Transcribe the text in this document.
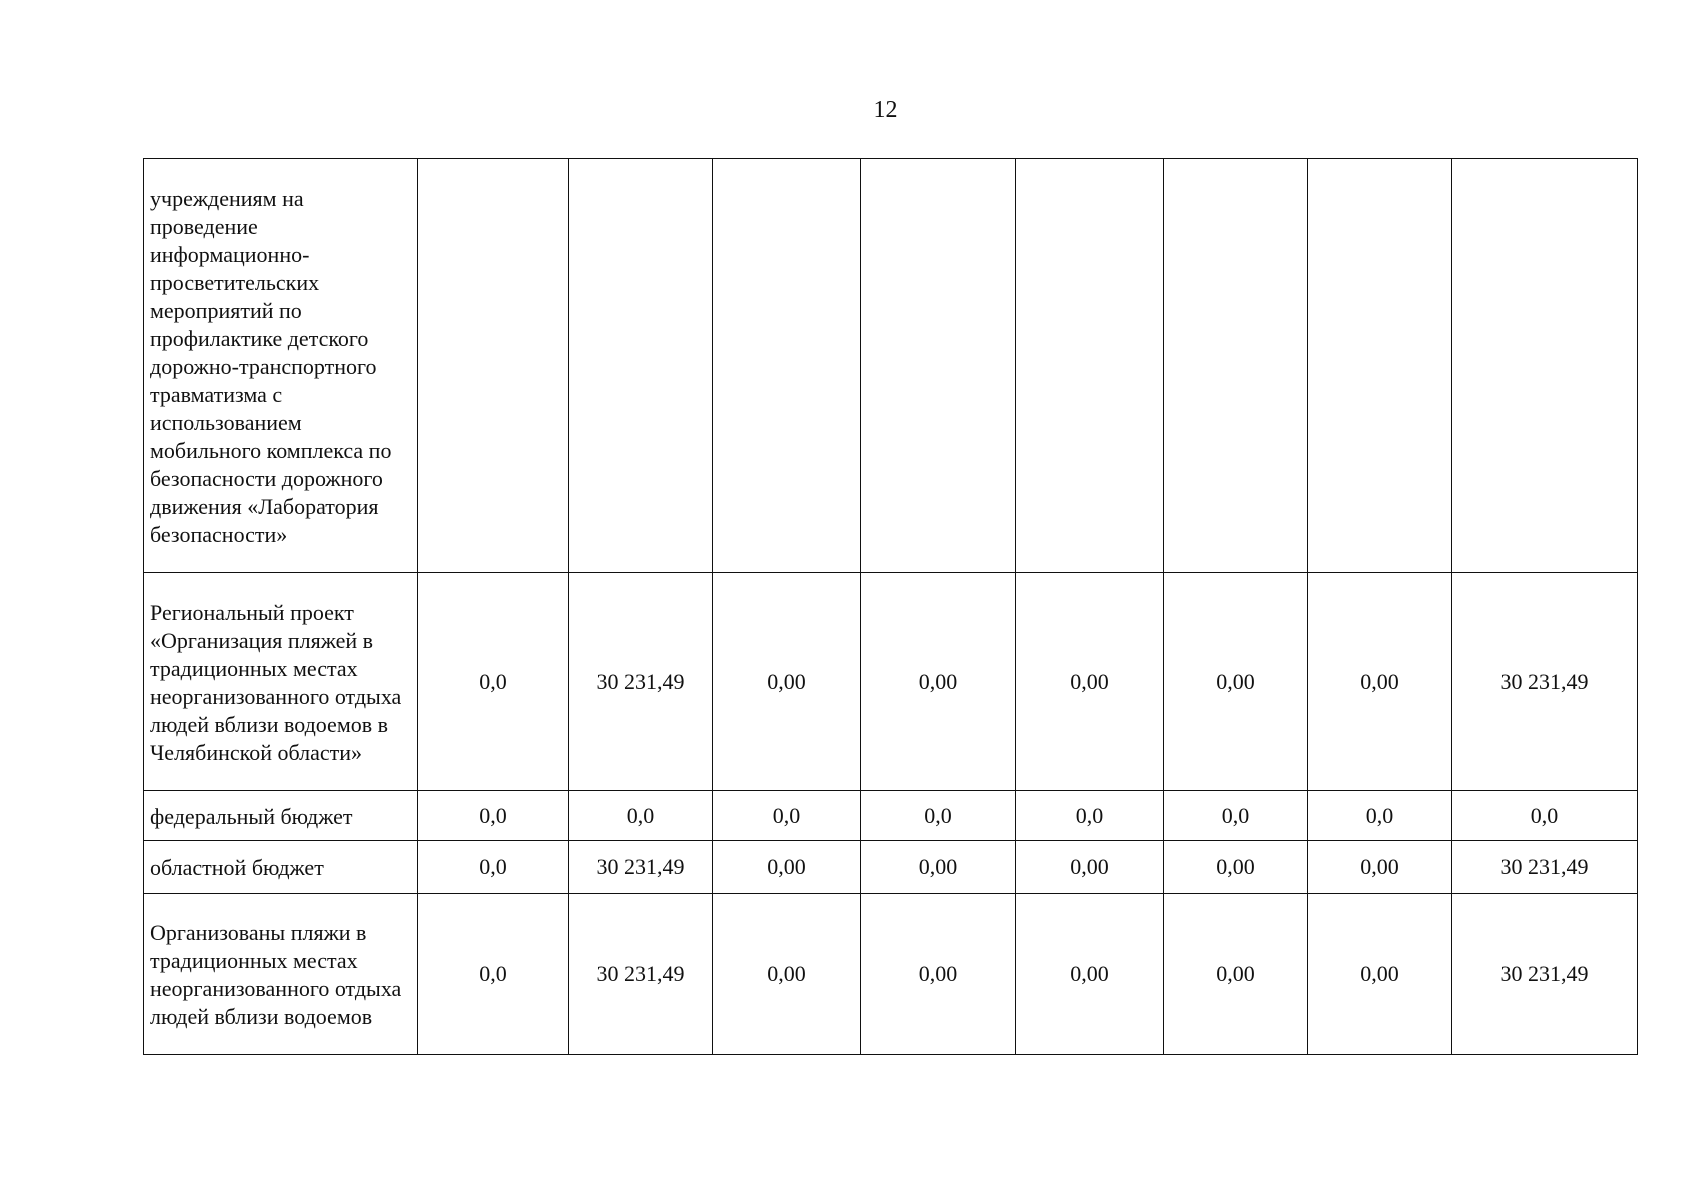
12
учреждениям на проведение информационно-просветительских мероприятий по профилактике детского дорожно-транспортного травматизма с использованием мобильного комплекса по безопасности дорожного движения «Лаборатория безопасности»								
Региональный проект «Организация пляжей в традиционных местах неорганизованного отдыха людей вблизи водоемов в Челябинской области»	0,0	30 231,49	0,00	0,00	0,00	0,00	0,00	30 231,49
федеральный бюджет	0,0	0,0	0,0	0,0	0,0	0,0	0,0	0,0
областной бюджет	0,0	30 231,49	0,00	0,00	0,00	0,00	0,00	30 231,49
Организованы пляжи в традиционных местах неорганизованного отдыха людей вблизи водоемов	0,0	30 231,49	0,00	0,00	0,00	0,00	0,00	30 231,49
